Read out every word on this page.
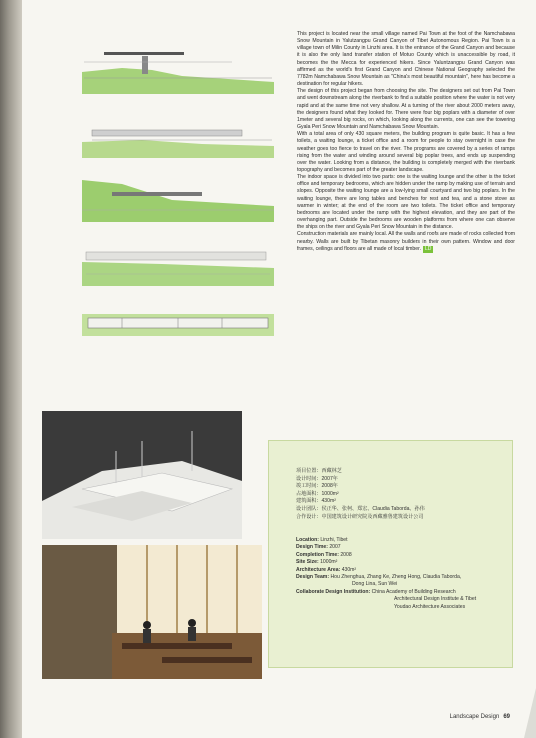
This project is located near the small village named Pai Town at the foot of the Namchabawa Snow Mountain in Yalutzangpu Grand Canyon of Tibet Autonomous Region. Pai Town is a village town of Milin County in Linzhi area. It is the entrance of the Grand Canyon and because it is also the only land transfer station of Motuo County which is unaccessible by road, it becomes the the Mecca for experienced hikers. Since Yaluntzangpu Grand Canyon was affirmed as the world's first Grand Canyon and Chinese National Geography selected the 7782m Namchabawa Snow Mountain as "China's most beautiful mountain", here has become a destination for regular hikers.

The design of this project began from choosing the site. The designers set out from Pai Town and went downstream along the riverbank to find a suitable position where the water is not very rapid and at the same time not very shallow. At a turning of the river about 2000 meters away, the designers found what they looked for. There were four big poplars with a diameter of over 1meter and several big rocks, on which, looking along the currents, one can see the towering Gyala Peri Snow Mountain and Namchabawa Snow Mountain.

With a total area of only 430 square meters, the building program is quite basic. It has a few toilets, a waiting lounge, a ticket office and a room for people to stay overnight in case the weather goes too fierce to travel on the river. The programs are covered by a series of ramps rising from the water and winding around several big poplar trees, and ends up suspending over the water. Looking from a distance, the building is completely merged with the riverbank topography and becomes part of the greater landscape.

The indoor space is divided into two parts: one is the waiting lounge and the other is the ticket office and temporary bedrooms, which are hidden under the ramp by making use of terrain and slopes. Opposite the waiting lounge are a low-lying small courtyard and two big poplars. In the waiting lounge, there are long tables and benches for rest and tea, and a stone stove as warmer in winter; at the end of the room are two toilets. The ticket office and temporary bedrooms are located under the ramp with the highest elevation, and they are part of the overhanging part. Outside the bedrooms are wooden platforms from where one can observe the ships on the river and Gyala Peri Snow Mountain in the distance.

Construction materials are mainly local. All the walls and roofs are made of rocks collected from nearby. Walls are built by Tibetan masonry builders in their own pattern. Window and door frames, ceilings and floors are all made of local timber. LD

项目位置：西藏林芝
设计时间：2007年
竣工时间：2008年
占地面积：1000m²
建筑面积：430m²
设计团队：侯正华、张柯、郑宏、Claudia Taborda、孙伟
合作设计：中国建筑设计研究院及西藏雅鲁建筑设计公司
Location: Linzhi, Tibet
Design Time: 2007
Completion Time: 2008
Site Size: 1000m²
Architecture Area: 430m²
Design Team: Hou Zhenghua, Zhang Ke, Zheng Hong, Claudia Taborda,
Dong Lina, Sun Wei
Collaborate Design Institution: China Academy of Building Research
Architectural Design Institute & Tibet
Youdao Architecture Associates
Landscape Design 69
